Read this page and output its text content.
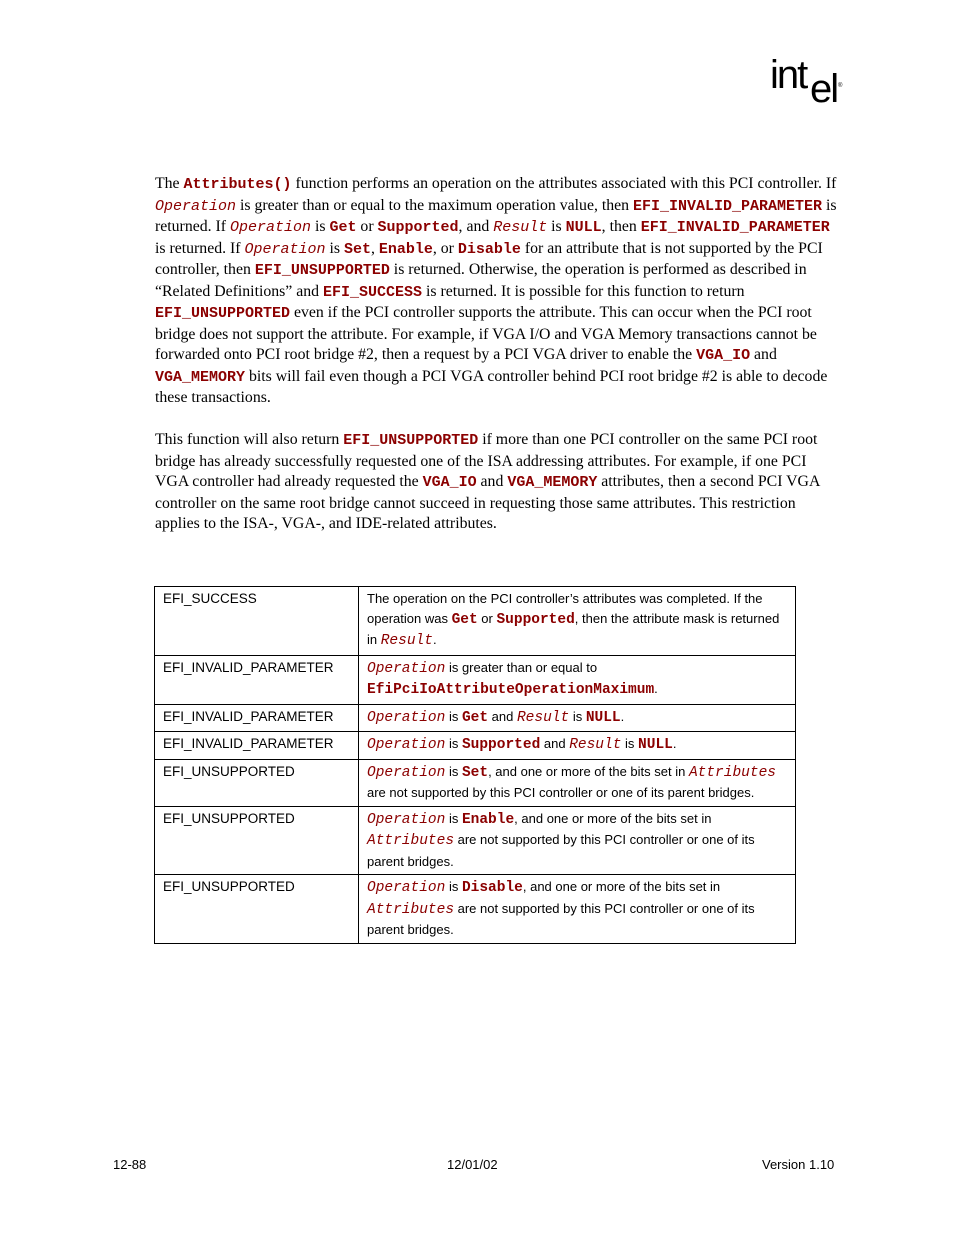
int el ®

The Attributes() function performs an operation on the attributes associated with this PCI controller. If Operation is greater than or equal to the maximum operation value, then EFI_INVALID_PARAMETER is returned. If Operation is Get or Supported, and Result is NULL, then EFI_INVALID_PARAMETER is returned. If Operation is Set, Enable, or Disable for an attribute that is not supported by the PCI controller, then EFI_UNSUPPORTED is returned. Otherwise, the operation is performed as described in “Related Definitions” and EFI_SUCCESS is returned. It is possible for this function to return EFI_UNSUPPORTED even if the PCI controller supports the attribute. This can occur when the PCI root bridge does not support the attribute. For example, if VGA I/O and VGA Memory transactions cannot be forwarded onto PCI root bridge #2, then a request by a PCI VGA driver to enable the VGA_IO and VGA_MEMORY bits will fail even though a PCI VGA controller behind PCI root bridge #2 is able to decode these transactions.

This function will also return EFI_UNSUPPORTED if more than one PCI controller on the same PCI root bridge has already successfully requested one of the ISA addressing attributes. For example, if one PCI VGA controller had already requested the VGA_IO and VGA_MEMORY attributes, then a second PCI VGA controller on the same root bridge cannot succeed in requesting those same attributes. This restriction applies to the ISA-, VGA-, and IDE-related attributes.

EFI_SUCCESS	The operation on the PCI controller’s attributes was completed. If the operation was Get or Supported, then the attribute mask is returned in Result.
EFI_INVALID_PARAMETER	Operation is greater than or equal to EfiPciIoAttributeOperationMaximum.
EFI_INVALID_PARAMETER	Operation is Get and Result is NULL.
EFI_INVALID_PARAMETER	Operation is Supported and Result is NULL.
EFI_UNSUPPORTED	Operation is Set, and one or more of the bits set in Attributes are not supported by this PCI controller or one of its parent bridges.
EFI_UNSUPPORTED	Operation is Enable, and one or more of the bits set in Attributes are not supported by this PCI controller or one of its parent bridges.
EFI_UNSUPPORTED	Operation is Disable, and one or more of the bits set in Attributes are not supported by this PCI controller or one of its parent bridges.
12-88	12/01/02	Version 1.10
